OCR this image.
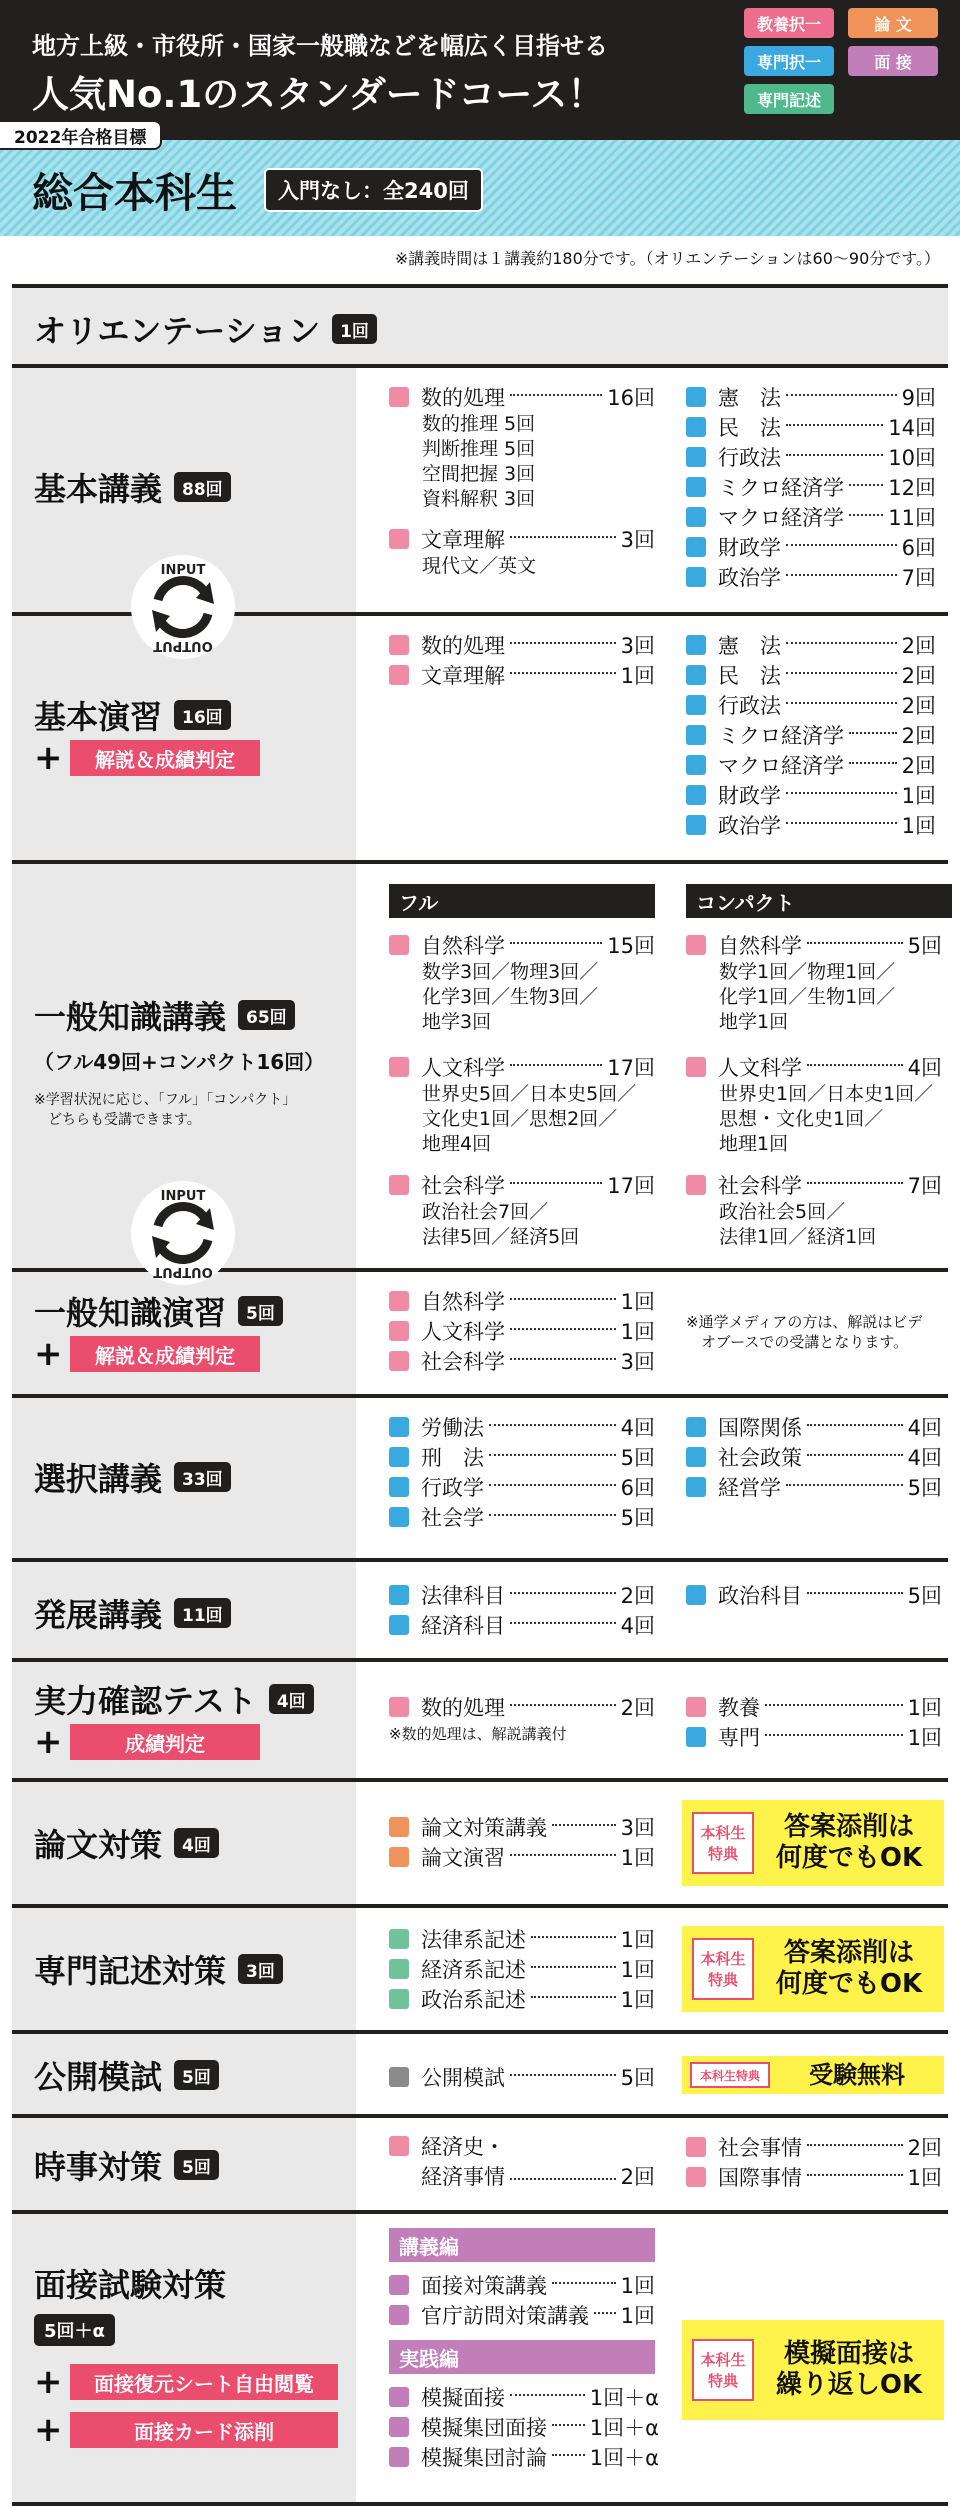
地方上級・市役所・国家一般職などを幅広く目指せる
人気No.1のスタンダードコース！
教養択一	論 文
専門択一	面 接
専門記述
2022年合格目標
総合本科生	入門なし：全240回
※講義時間は１講義約180分です。（オリエンテーションは60～90分です。）
オリエンテーション 1回
基本講義 88回
数的処理	16回
数的推理 5回
判断推理 5回
空間把握 3回
資料解釈 3回
文章理解	3回
現代文／英文
憲　法	9回
民　法	14回
行政法	10回
ミクロ経済学 12回
マクロ経済学 11回
財政学	6回
政治学	7回
基本演習 16回
+	解説＆成績判定
数的処理	3回
文章理解	1回
憲　法	2回
民　法	2回
行政法	2回
ミクロ経済学	2回
マクロ経済学	2回
財政学	1回
政治学	1回
一般知識講義 65回
（フル49回+コンパクト16回）
※学習状況に応じ、「フル」「コンパクト」
　どちらも受講できます。
フル	コンパクト
自然科学	15回
数学3回／物理3回／
化学3回／生物3回／
地学3回
人文科学	17回
世界史5回／日本史5回／
文化史1回／思想2回／
地理4回
社会科学	17回
政治社会7回／
法律5回／経済5回
自然科学	5回
数学1回／物理1回／
化学1回／生物1回／
地学1回
人文科学	4回
世界史1回／日本史1回／
思想・文化史1回／
地理1回
社会科学	7回
政治社会5回／
法律1回／経済1回
一般知識演習 5回
+	解説＆成績判定
自然科学	1回
人文科学	1回
社会科学	3回
※通学メディアの方は、解説はビデ
　オブースでの受講となります。
選択講義 33回
労働法	4回
刑　法	5回
行政学	6回
社会学	5回
国際関係	4回
社会政策	4回
経営学	5回
発展講義 11回
法律科目	2回
経済科目	4回
政治科目	5回
実力確認テスト 4回
+	成績判定
数的処理	2回
※数的処理は、解説講義付
教養	1回
専門	1回
論文対策 4回
論文対策講義	3回
論文演習	1回
本科生
特典
答案添削は
何度でもOK
専門記述対策 3回
法律系記述	1回
経済系記述	1回
政治系記述	1回
本科生
特典
答案添削は
何度でもOK
公開模試 5回	公開模試	5回	本科生特典	受験無料
時事対策 5回
経済史・
経済事情	2回
社会事情	2回
国際事情	1回
面接試験対策
5回＋α
+	面接復元シート自由閲覧
+	面接カード添削
講義編
面接対策講義	1回
官庁訪問対策講義 1回
実践編
模擬面接	1回＋α
模擬集団面接 1回＋α
模擬集団討論 1回＋α
本科生
特典
模擬面接は
繰り返しOK
INPUT
OUTPUT
INPUT
OUTPUT
